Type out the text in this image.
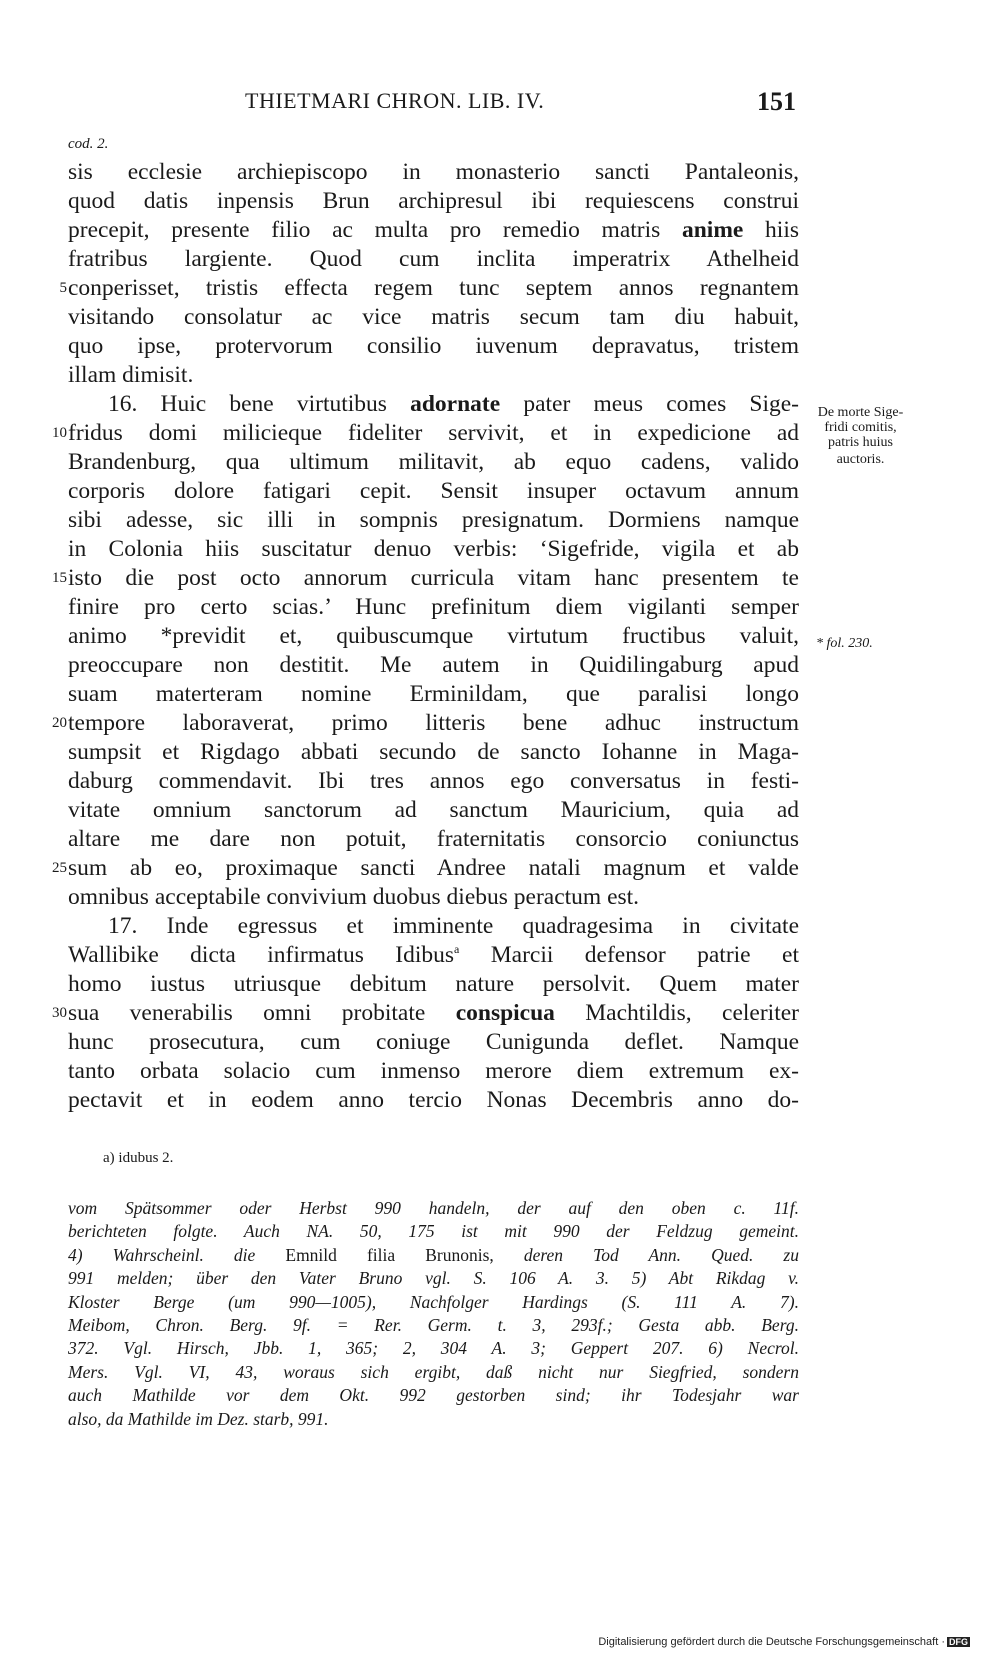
THIETMARI CHRON. LIB. IV.	151
cod. 2.
sis ecclesie archiepiscopo in monasterio sancti Pantaleonis,
quod datis inpensis Brun archipresul ibi requiescens construi
precepit, presente filio ac multa pro remedio matris anime hiis
fratribus largiente. Quod cum inclita imperatrix Athelheid
5 conperisset, tristis effecta regem tunc septem annos regnantem
visitando consolatur ac vice matris secum tam diu habuit,
quo ipse, protervorum consilio iuvenum depravatus, tristem
illam dimisit.
16. Huic bene virtutibus adornate pater meus comes Sige-
10 fridus domi milicieque fideliter servivit, et in expedicione ad
Brandenburg, qua ultimum militavit, ab equo cadens, valido
corporis dolore fatigari cepit. Sensit insuper octavum annum
sibi adesse, sic illi in sompnis presignatum. Dormiens namque
in Colonia hiis suscitatur denuo verbis: ‘Sigefride, vigila et ab
15 isto die post octo annorum curricula vitam hanc presentem te
finire pro certo scias.’ Hunc prefinitum diem vigilanti semper
animo *previdit et, quibuscumque virtutum fructibus valuit,
preoccupare non destitit. Me autem in Quidilingaburg apud
suam materteram nomine Erminildam, que paralisi longo
20 tempore laboraverat, primo litteris bene adhuc instructum
sumpsit et Rigdago abbati secundo de sancto Iohanne in Maga-
daburg commendavit. Ibi tres annos ego conversatus in festi-
vitate omnium sanctorum ad sanctum Mauricium, quia ad
altare me dare non potuit, fraternitatis consorcio coniunctus
25 sum ab eo, proximaque sancti Andree natali magnum et valde
omnibus acceptabile convivium duobus diebus peractum est.
17. Inde egressus et imminente quadragesima in civitate
Wallibike dicta infirmatus Idibus$^a$ Marcii defensor patrie et
homo iustus utriusque debitum nature persolvit. Quem mater
30 sua venerabilis omni probitate conspicua Machtildis, celeriter
hunc prosecutura, cum coniuge Cunigunda deflet. Namque
tanto orbata solacio cum inmenso merore diem extremum ex-
pectavit et in eodem anno tercio Nonas Decembris anno do-
De morte Sige-
fridi comitis,
patris huius
auctoris.
* fol. 230.
a) idubus 2.
vom Spätsommer oder Herbst 990 handeln, der auf den oben c. 11f.
berichteten folgte. Auch NA. 50, 175 ist mit 990 der Feldzug gemeint.
4) Wahrscheinl. die Emnild filia Brunonis, deren Tod Ann. Qued. zu
991 melden; über den Vater Bruno vgl. S. 106 A. 3. 5) Abt Rikdag v.
Kloster Berge (um 990—1005), Nachfolger Hardings (S. 111 A. 7).
Meibom, Chron. Berg. 9f. = Rer. Germ. t. 3, 293f.; Gesta abb. Berg.
372. Vgl. Hirsch, Jbb. 1, 365; 2, 304 A. 3; Geppert 207. 6) Necrol.
Mers. Vgl. VI, 43, woraus sich ergibt, daß nicht nur Siegfried, sondern
auch Mathilde vor dem Okt. 992 gestorben sind; ihr Todesjahr war
also, da Mathilde im Dez. starb, 991.
Digitalisierung gefördert durch die Deutsche Forschungsgemeinschaft · DFG
